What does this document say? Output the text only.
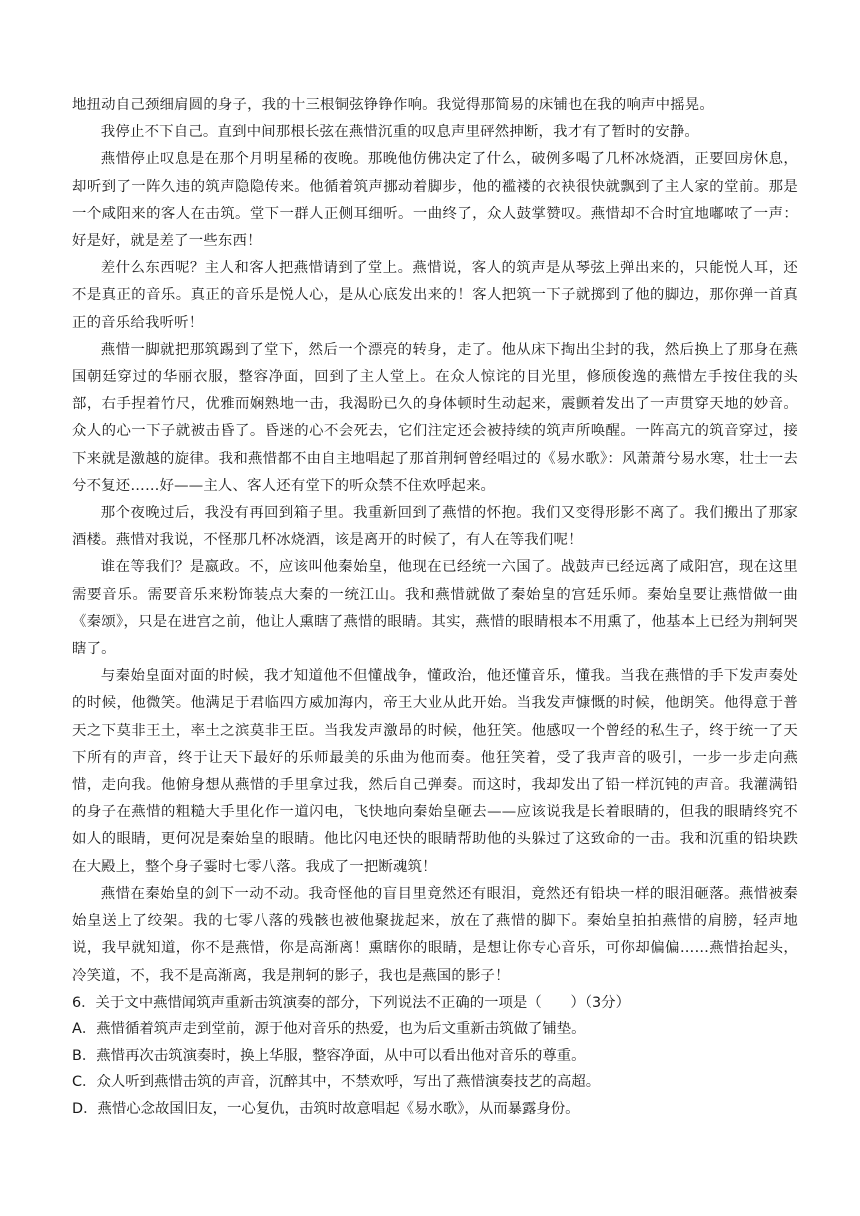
地扭动自己颈细肩圆的身子，我的十三根铜弦铮铮作响。我觉得那简易的床铺也在我的响声中摇晃。

我停止不下自己。直到中间那根长弦在燕惜沉重的叹息声里砰然抻断，我才有了暂时的安静。

燕惜停止叹息是在那个月明星稀的夜晚。那晚他仿佛决定了什么，破例多喝了几杯冰烧酒，正要回房休息，却听到了一阵久违的筑声隐隐传来。他循着筑声挪动着脚步，他的褴褛的衣袂很快就飘到了主人家的堂前。那是一个咸阳来的客人在击筑。堂下一群人正侧耳细听。一曲终了，众人鼓掌赞叹。燕惜却不合时宜地嘟哝了一声：好是好，就是差了一些东西！

差什么东西呢？主人和客人把燕惜请到了堂上。燕惜说，客人的筑声是从琴弦上弹出来的，只能悦人耳，还不是真正的音乐。真正的音乐是悦人心，是从心底发出来的！客人把筑一下子就掷到了他的脚边，那你弹一首真正的音乐给我听听！

燕惜一脚就把那筑踢到了堂下，然后一个漂亮的转身，走了。他从床下掏出尘封的我，然后换上了那身在燕国朝廷穿过的华丽衣服，整容净面，回到了主人堂上。在众人惊诧的目光里，修颀俊逸的燕惜左手按住我的头部，右手捏着竹尺，优雅而娴熟地一击，我渴盼已久的身体顿时生动起来，震颤着发出了一声贯穿天地的妙音。众人的心一下子就被击昏了。昏迷的心不会死去，它们注定还会被持续的筑声所唤醒。一阵高亢的筑音穿过，接下来就是激越的旋律。我和燕惜都不由自主地唱起了那首荆轲曾经唱过的《易水歌》：风萧萧兮易水寒，壮士一去兮不复还……好——主人、客人还有堂下的听众禁不住欢呼起来。

那个夜晚过后，我没有再回到箱子里。我重新回到了燕惜的怀抱。我们又变得形影不离了。我们搬出了那家酒楼。燕惜对我说，不怪那几杯冰烧酒，该是离开的时候了，有人在等我们呢！

谁在等我们？是嬴政。不，应该叫他秦始皇，他现在已经统一六国了。战鼓声已经远离了咸阳宫，现在这里需要音乐。需要音乐来粉饰装点大秦的一统江山。我和燕惜就做了秦始皇的宫廷乐师。秦始皇要让燕惜做一曲《秦颂》，只是在进宫之前，他让人熏瞎了燕惜的眼睛。其实，燕惜的眼睛根本不用熏了，他基本上已经为荆轲哭瞎了。

与秦始皇面对面的时候，我才知道他不但懂战争，懂政治，他还懂音乐，懂我。当我在燕惜的手下发声奏处的时候，他微笑。他满足于君临四方威加海内，帝王大业从此开始。当我发声慷慨的时候，他朗笑。他得意于普天之下莫非王土，率土之滨莫非王臣。当我发声激昂的时候，他狂笑。他感叹一个曾经的私生子，终于统一了天下所有的声音，终于让天下最好的乐师最美的乐曲为他而奏。他狂笑着，受了我声音的吸引，一步一步走向燕惜，走向我。他俯身想从燕惜的手里拿过我，然后自己弹奏。而这时，我却发出了铅一样沉钝的声音。我灌满铅的身子在燕惜的粗糙大手里化作一道闪电，飞快地向秦始皇砸去——应该说我是长着眼睛的，但我的眼睛终究不如人的眼睛，更何况是秦始皇的眼睛。他比闪电还快的眼睛帮助他的头躲过了这致命的一击。我和沉重的铅块跌在大殿上，整个身子霎时七零八落。我成了一把断魂筑！

燕惜在秦始皇的剑下一动不动。我奇怪他的盲目里竟然还有眼泪，竟然还有铅块一样的眼泪砸落。燕惜被秦始皇送上了绞架。我的七零八落的残骸也被他聚拢起来，放在了燕惜的脚下。秦始皇拍拍燕惜的肩膀，轻声地说，我早就知道，你不是燕惜，你是高渐离！熏瞎你的眼睛，是想让你专心音乐，可你却偏偏……燕惜抬起头，冷笑道，不，我不是高渐离，我是荆轲的影子，我也是燕国的影子！

6．关于文中燕惜闻筑声重新击筑演奏的部分，下列说法不正确的一项是（　　）（3分）

A．燕惜循着筑声走到堂前，源于他对音乐的热爱，也为后文重新击筑做了铺垫。

B．燕惜再次击筑演奏时，换上华服，整容净面，从中可以看出他对音乐的尊重。

C．众人听到燕惜击筑的声音，沉醉其中，不禁欢呼，写出了燕惜演奏技艺的高超。

D．燕惜心念故国旧友，一心复仇，击筑时故意唱起《易水歌》，从而暴露身份。
